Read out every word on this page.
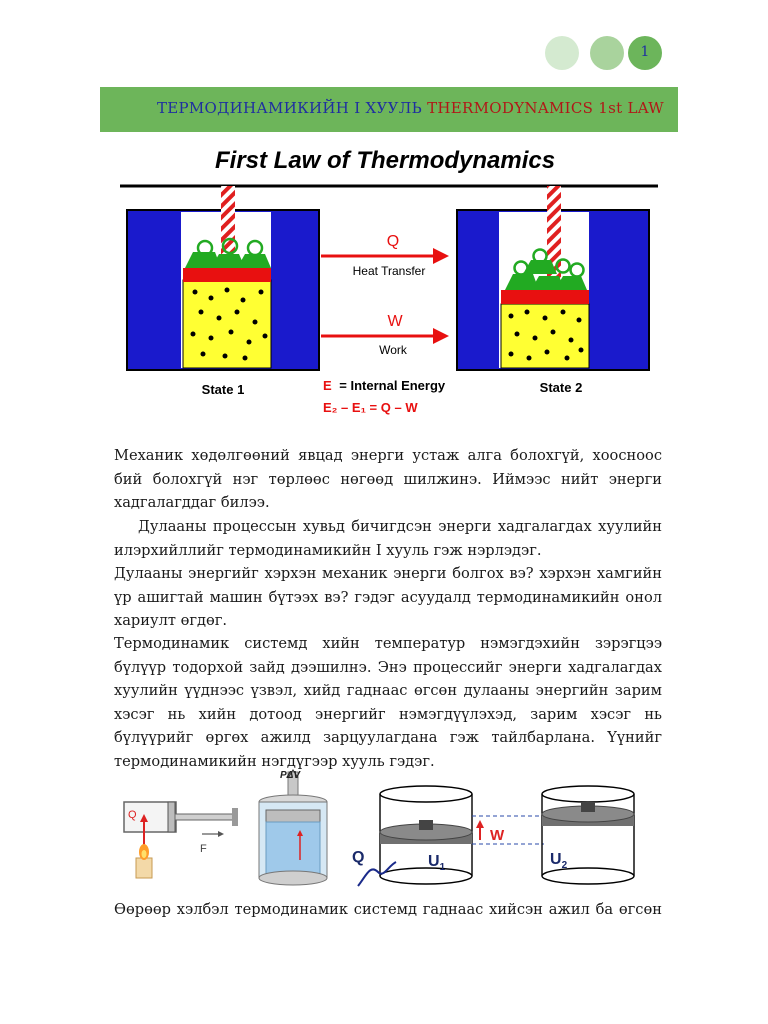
1
ТЕРМОДИНАМИКИЙН I ХУУЛЬ THERMODYNAMICS 1st LAW
First Law of Thermodynamics
State 1	State 2
Q
Heat Transfer
W
Work
E = Internal Energy
E₂ – E₁ = Q – W

Механик хөдөлгөөний явцад энерги устаж алга болохгүй, хоосноос бий болохгүй нэг төрлөөс нөгөөд шилжинэ. Иймээс нийт энерги хадгалагддаг билээ.

Дулааны процессын хувьд бичигдсэн энерги хадгалагдах хуулийн илэрхийллийг термодинамикийн I хууль гэж нэрлэдэг.

Дулааны энергийг хэрхэн механик энерги болгох вэ? хэрхэн хамгийн үр ашигтай машин бүтээх вэ? гэдэг асуудалд термодинамикийн онол хариулт өгдөг.

Термодинамик системд хийн температур нэмэгдэхийн зэрэгцээ бүлүүр тодорхой зайд дээшилнэ. Энэ процессийг энерги хадгалагдах хуулийн үүднээс үзвэл, хийд гаднаас өгсөн дулааны энергийн зарим хэсэг нь хийн дотоод энергийг нэмэгдүүлэхэд, зарим хэсэг нь бүлүүрийг өргөх ажилд зарцуулагдана гэж тайлбарлана. Үүнийг термодинамикийн нэгдүгээр хууль гэдэг.

Q
F
PΔV
Q	$U_1$
W
$U_2$

Өөрөөр хэлбэл термодинамик системд гаднаас хийсэн ажил ба өгсөн
